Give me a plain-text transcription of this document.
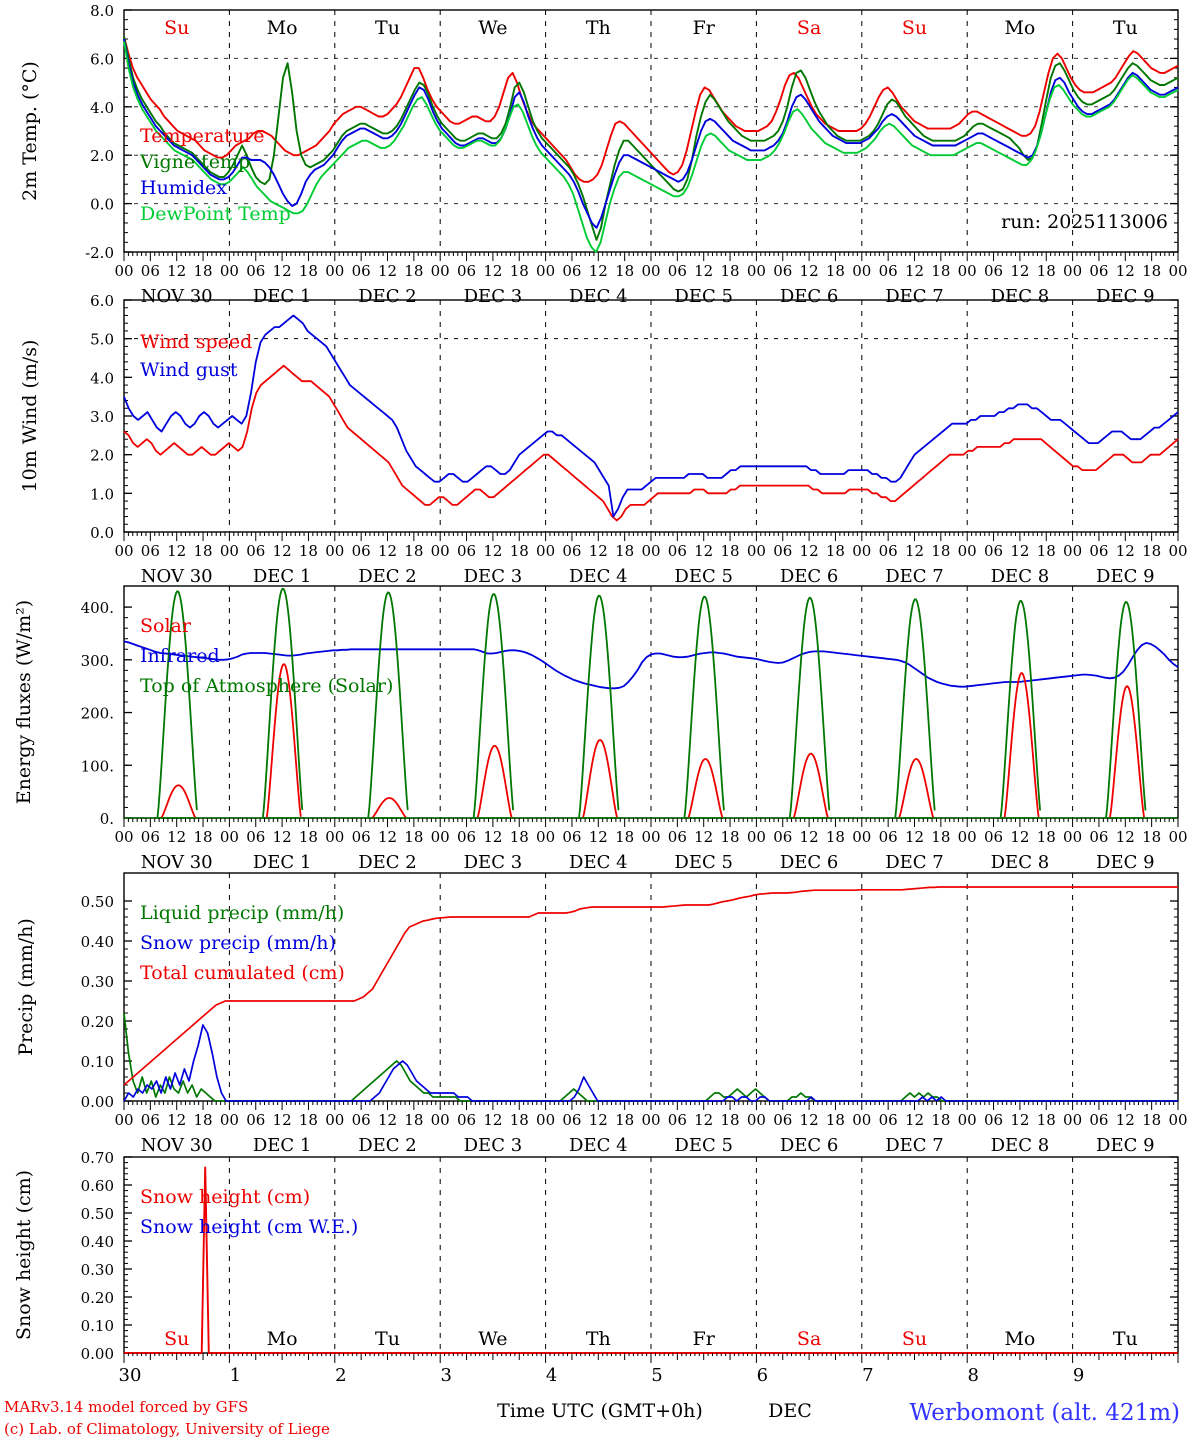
-2.0
0.0
2.0
4.0
6.0
8.0
Temperature
Vigne temp
Humidex
DewPoint Temp	run: 2025113006
2m Temp. (°C)
Su	Mo	Tu	We	Th	Fr	Sa	Su	Mo	Tu
00 06 12 18 00 06 12 18 00 06 12 18 00 06 12 18 00 06 12 18 00 06 12 18 00 06 12 18 00 06 12 18 00 06 12 18 00 06 12 18 00
NOV 30 DEC 1	DEC 2	DEC 3	DEC 4	DEC 5	DEC 6	DEC 7	DEC 8	DEC 9
0.0
1.0
2.0
3.0
4.0
5.0
6.0
Wind speed
Wind gust
10m Wind (m/s)
00 06 12 18 00 06 12 18 00 06 12 18 00 06 12 18 00 06 12 18 00 06 12 18 00 06 12 18 00 06 12 18 00 06 12 18 00 06 12 18 00
NOV 30 DEC 1	DEC 2	DEC 3	DEC 4	DEC 5	DEC 6	DEC 7	DEC 8	DEC 9
0.
100.
200.
300.
400.
Solar
Infrared
Top of Atmosphere (Solar)
Energy fluxes (W/m²)
00 06 12 18 00 06 12 18 00 06 12 18 00 06 12 18 00 06 12 18 00 06 12 18 00 06 12 18 00 06 12 18 00 06 12 18 00 06 12 18 00
NOV 30 DEC 1	DEC 2	DEC 3	DEC 4	DEC 5	DEC 6	DEC 7	DEC 8	DEC 9
0.00
0.10
0.20
0.30
0.40
0.50 Liquid precip (mm/h)
Snow precip (mm/h)
Total cumulated (cm)
Precip (mm/h)
00 06 12 18 00 06 12 18 00 06 12 18 00 06 12 18 00 06 12 18 00 06 12 18 00 06 12 18 00 06 12 18 00 06 12 18 00 06 12 18 00
NOV 30 DEC 1	DEC 2	DEC 3	DEC 4	DEC 5	DEC 6	DEC 7	DEC 8	DEC 9
0.00
0.10
0.20
0.30
0.40
0.50
0.60
0.70
Snow height (cm)
Snow height (cm W.E.)
Snow height (cm)	Su	Mo	Tu	We	Th	Fr	Sa	Su	Mo	Tu
30	1	2	3	4	5	6	7	8	9
Time UTC (GMT+0h)	DEC	Werbomont (alt. 421m)
MARv3.14 model forced by GFS
(c) Lab. of Climatology, University of Liege
